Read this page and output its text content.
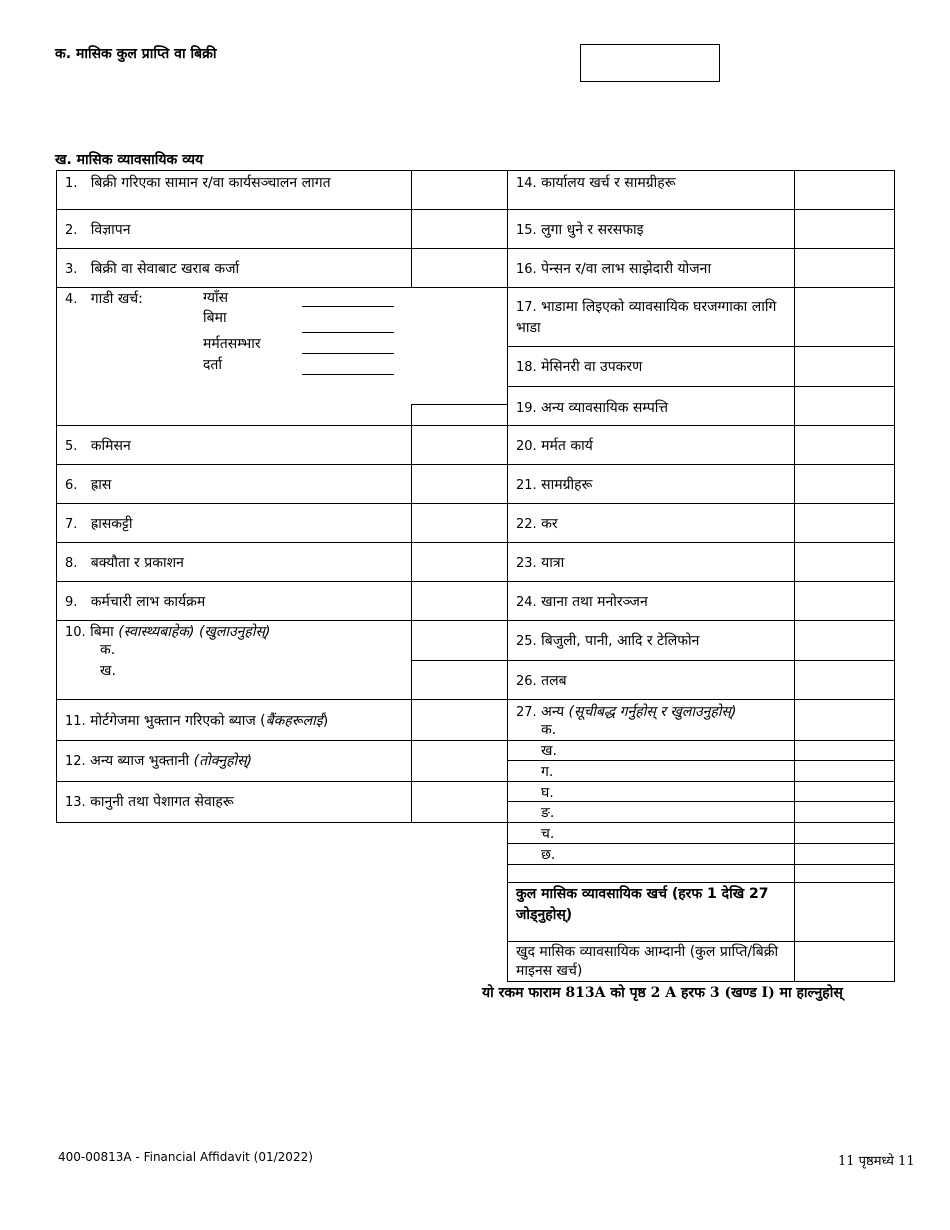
क. मासिक कुल प्राप्ति वा बिक्री
ख. मासिक व्यावसायिक व्यय
1. बिक्री गरिएका सामान र/वा कार्यसञ्चालन लागत
2. विज्ञापन
3. बिक्री वा सेवाबाट खराब कर्जा
4. गाडी खर्च:	ग्याँस
बिमा
मर्मतसम्भार
दर्ता
5. कमिसन
6. ह्रास
7. ह्रासकट्टी
8. बक्यौता र प्रकाशन
9. कर्मचारी लाभ कार्यक्रम
10. बिमा (स्वास्थ्यबाहेक) (खुलाउनुहोस्)
क.
ख.
11. मोर्टगेजमा भुक्तान गरिएको ब्याज (बैंकहरूलाई)
12. अन्य ब्याज भुक्तानी (तोक्नुहोस्)
13. कानुनी तथा पेशागत सेवाहरू
14. कार्यालय खर्च र सामग्रीहरू
15. लुगा धुने र सरसफाइ
16. पेन्सन र/वा लाभ साझेदारी योजना
17. भाडामा लिइएको व्यावसायिक घरजग्गाका लागि भाडा
18. मेसिनरी वा उपकरण
19. अन्य व्यावसायिक सम्पत्ति
20. मर्मत कार्य
21. सामग्रीहरू
22. कर
23. यात्रा
24. खाना तथा मनोरञ्जन
25. बिजुली, पानी, आदि र टेलिफोन
26. तलब
27. अन्य (सूचीबद्ध गर्नुहोस् र खुलाउनुहोस्)
क.
ख.
ग.
घ.
ङ.
च.
छ.
कुल मासिक व्यावसायिक खर्च (हरफ 1 देखि 27 जोड्नुहोस्)
खुद मासिक व्यावसायिक आम्दानी (कुल प्राप्ति/बिक्री माइनस खर्च)
यो रकम फाराम 813A को पृष्ठ 2 A हरफ 3 (खण्ड I) मा हाल्नुहोस्
400-00813A - Financial Affidavit (01/2022)	11 पृष्ठमध्ये 11
